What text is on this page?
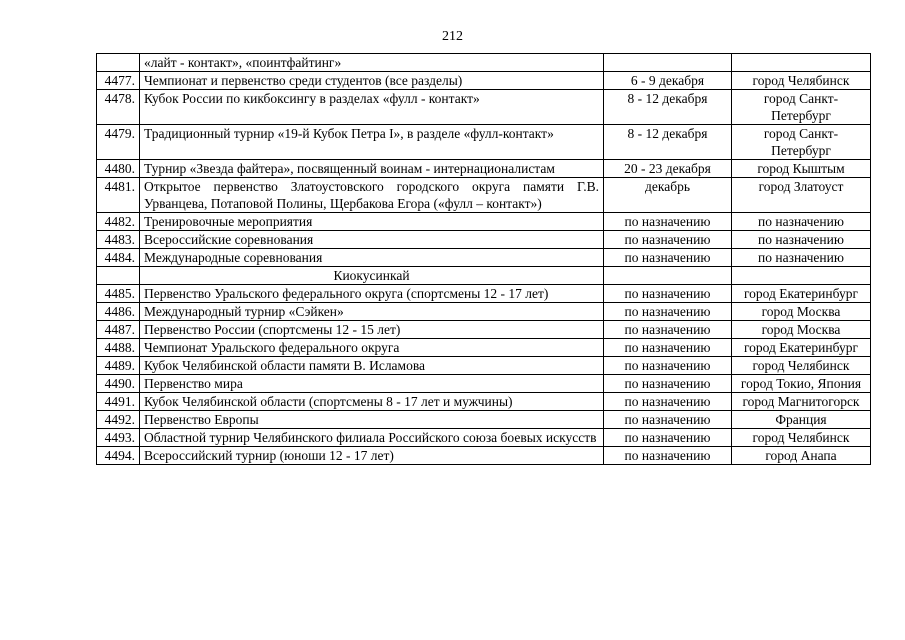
212
	«лайт - контакт», «поинтфайтинг»		
4477.	Чемпионат и первенство среди студентов (все разделы)	6 - 9 декабря	город Челябинск
4478.	Кубок России по кикбоксингу в разделах «фулл - контакт»	8 - 12 декабря	город Санкт-Петербург
4479.	Традиционный турнир «19-й Кубок Петра I», в разделе «фулл-контакт»	8 - 12 декабря	город Санкт-Петербург
4480.	Турнир «Звезда файтера», посвященный воинам - интернационалистам	20 - 23 декабря	город Кыштым
4481.	Открытое первенство Златоустовского городского округа памяти Г.В. Урванцева, Потаповой Полины, Щербакова Егора («фулл – контакт»)	декабрь	город Златоуст
4482.	Тренировочные мероприятия	по назначению	по назначению
4483.	Всероссийские соревнования	по назначению	по назначению
4484.	Международные соревнования	по назначению	по назначению
	Киокусинкай		
4485.	Первенство Уральского федерального округа (спортсмены 12 - 17 лет)	по назначению	город Екатеринбург
4486.	Международный турнир «Сэйкен»	по назначению	город Москва
4487.	Первенство России (спортсмены 12 - 15 лет)	по назначению	город Москва
4488.	Чемпионат Уральского федерального округа	по назначению	город Екатеринбург
4489.	Кубок Челябинской области памяти В. Исламова	по назначению	город Челябинск
4490.	Первенство мира	по назначению	город Токио, Япония
4491.	Кубок Челябинской области (спортсмены 8 - 17 лет и мужчины)	по назначению	город Магнитогорск
4492.	Первенство Европы	по назначению	Франция
4493.	Областной турнир Челябинского филиала Российского союза боевых искусств	по назначению	город Челябинск
4494.	Всероссийский турнир (юноши 12 - 17 лет)	по назначению	город Анапа
